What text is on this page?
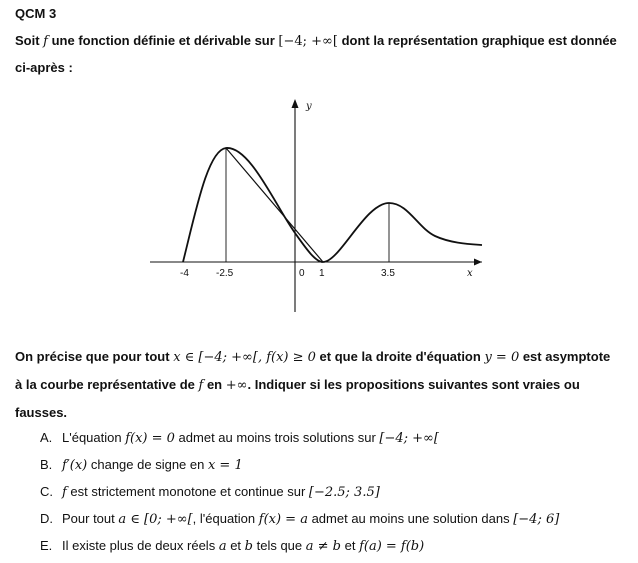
QCM 3
Soit f une fonction définie et dérivable sur [−4; +∞[ dont la représentation graphique est donnée
ci-après :
-4	-2.5	0 1	3.5
y
x
On précise que pour tout x ∈ [−4; +∞[, f(x) ≥ 0 et que la droite d'équation y = 0 est asymptote
à la courbe représentative de f en +∞. Indiquer si les propositions suivantes sont vraies ou
fausses.
A. L'équation f(x) = 0 admet au moins trois solutions sur [−4; +∞[
B. f′(x) change de signe en x = 1
C. f est strictement monotone et continue sur [−2.5; 3.5]
D. Pour tout a ∈ [0; +∞[, l'équation f(x) = a admet au moins une solution dans [−4; 6]
E. Il existe plus de deux réels a et b tels que a ≠ b et f(a) = f(b)
